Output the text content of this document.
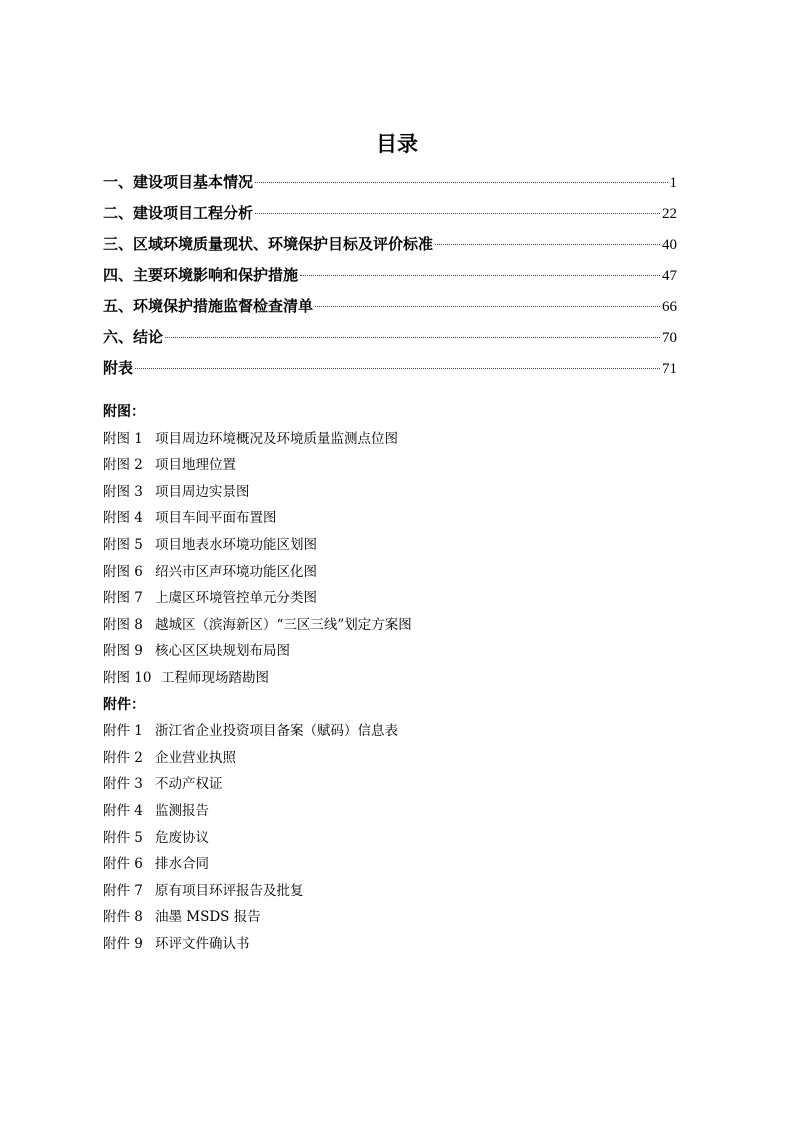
目录
一、建设项目基本情况	1
二、建设项目工程分析	22
三、区域环境质量现状、环境保护目标及评价标准	40
四、主要环境影响和保护措施	47
五、环境保护措施监督检查清单	66
六、结论	70
附表	71
附图：
附图 1 项目周边环境概况及环境质量监测点位图
附图 2 项目地理位置
附图 3 项目周边实景图
附图 4 项目车间平面布置图
附图 5 项目地表水环境功能区划图
附图 6 绍兴市区声环境功能区化图
附图 7 上虞区环境管控单元分类图
附图 8 越城区（滨海新区）“三区三线”划定方案图
附图 9 核心区区块规划布局图
附图 10 工程师现场踏勘图
附件：
附件 1 浙江省企业投资项目备案（赋码）信息表
附件 2 企业营业执照
附件 3 不动产权证
附件 4 监测报告
附件 5 危废协议
附件 6 排水合同
附件 7 原有项目环评报告及批复
附件 8 油墨 MSDS 报告
附件 9 环评文件确认书
